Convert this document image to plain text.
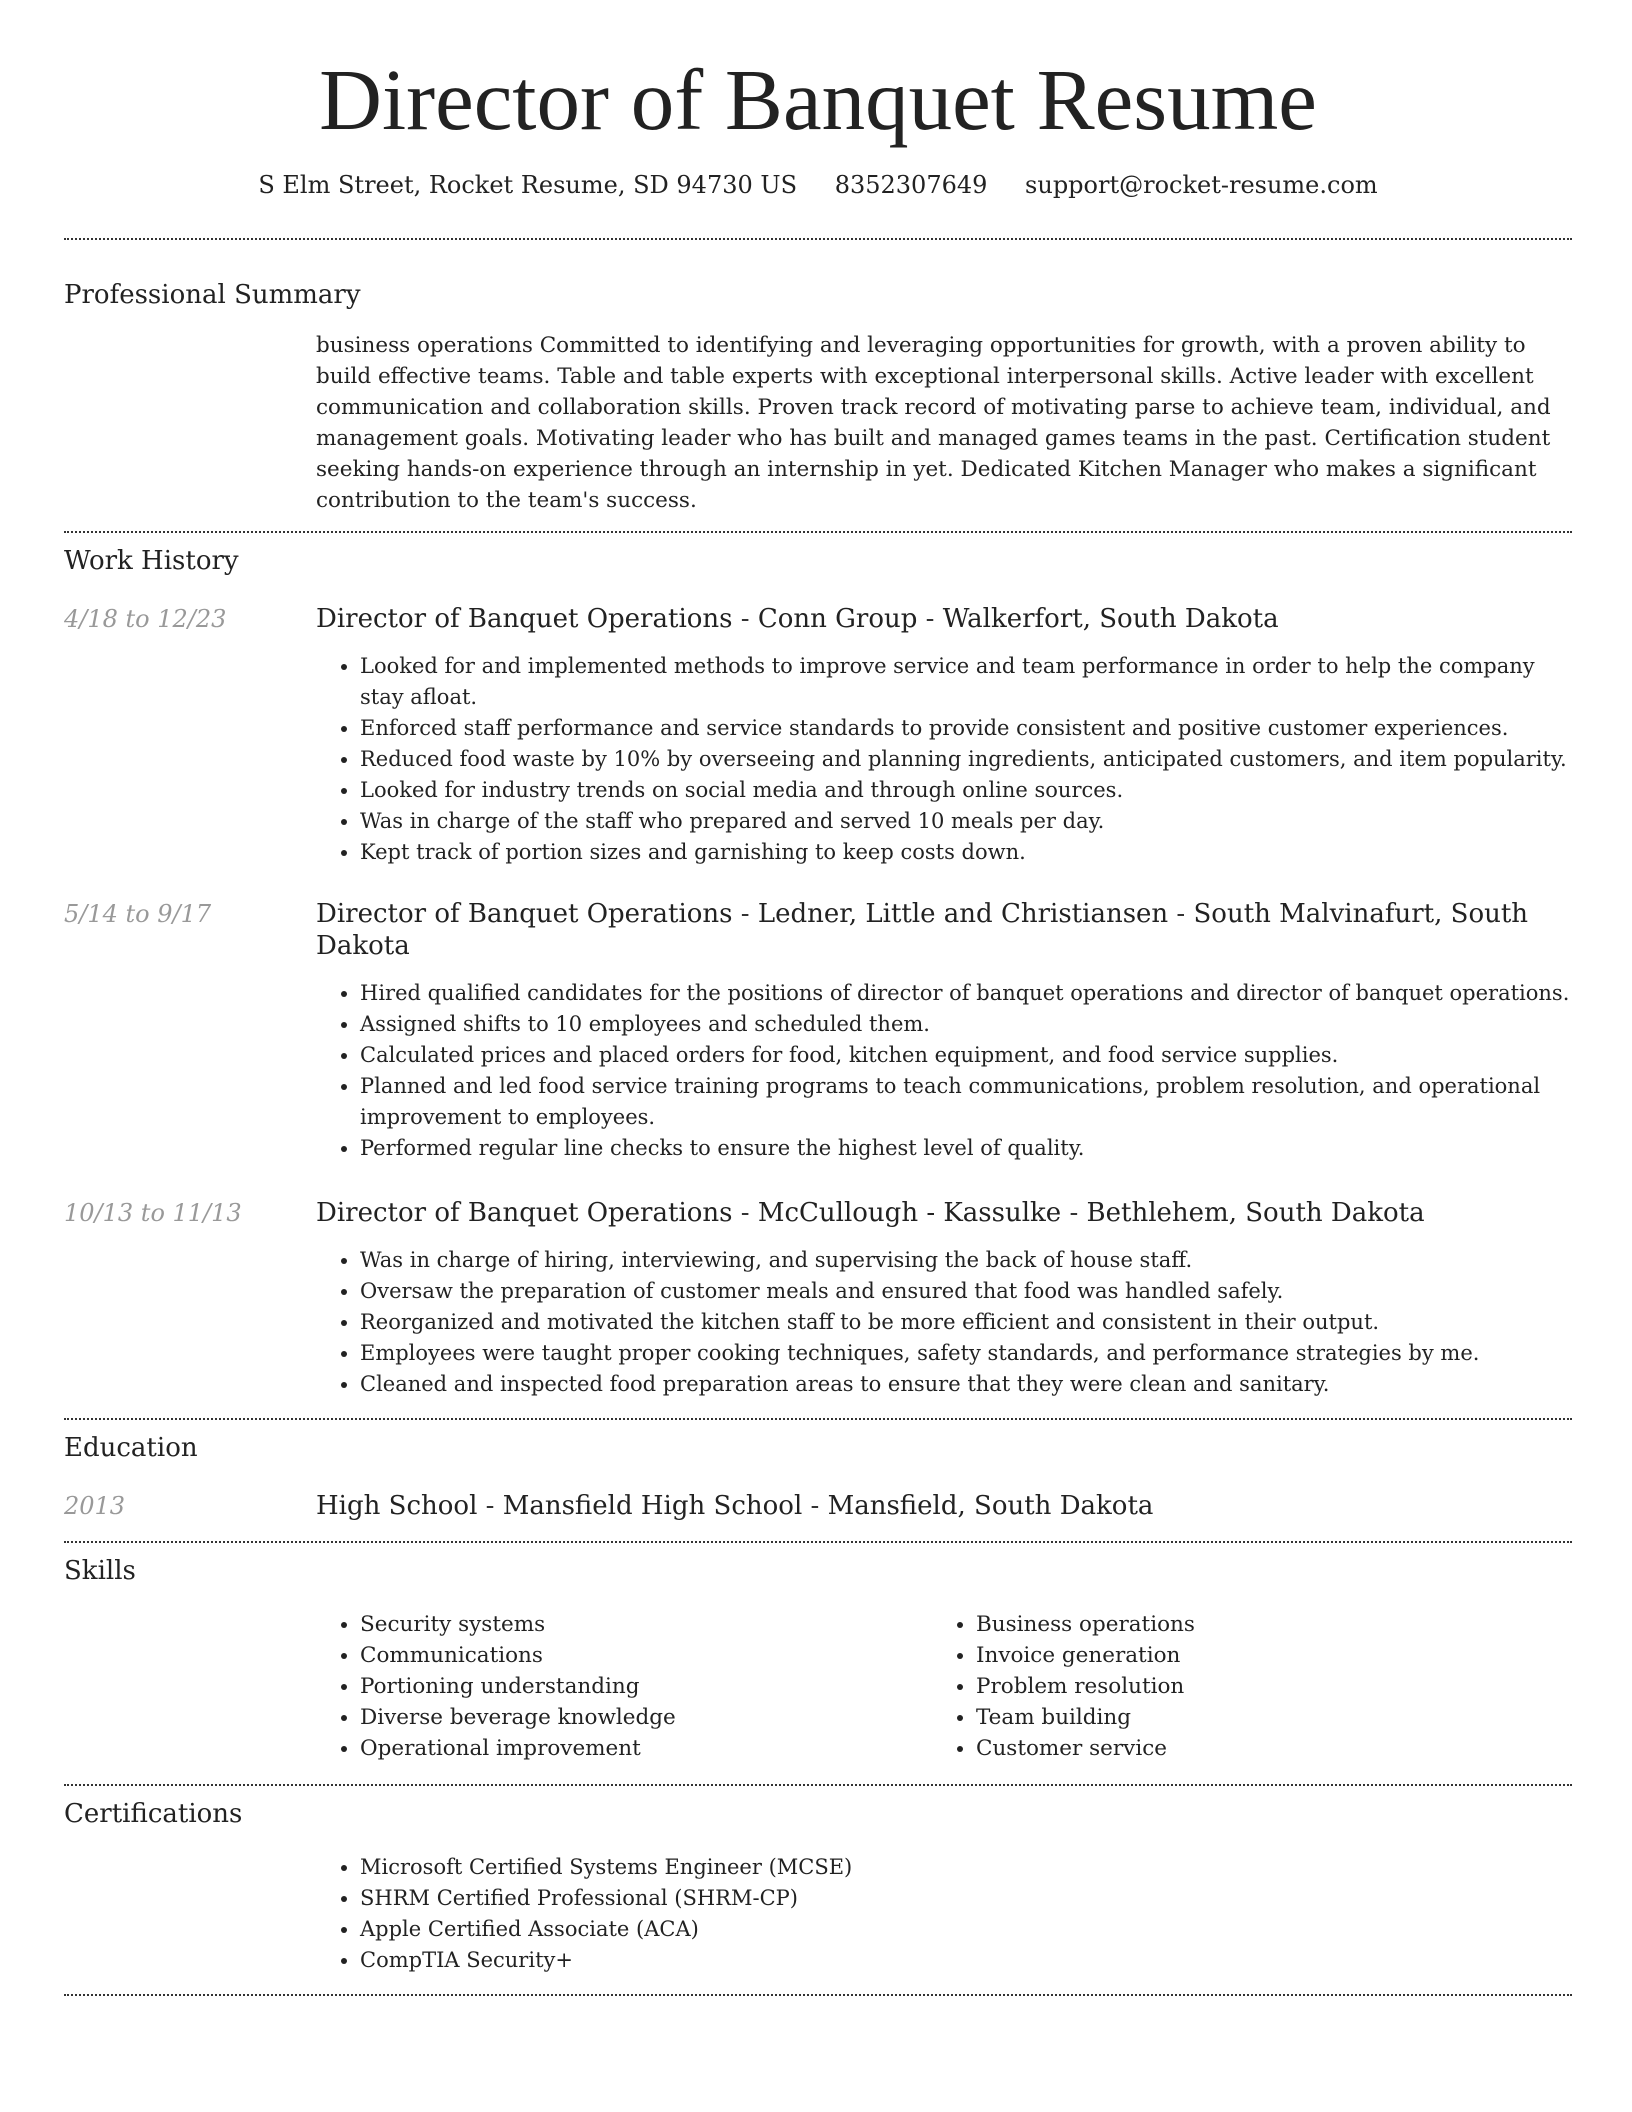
Director of Banquet Resume
S Elm Street, Rocket Resume, SD 94730 US 8352307649 support@rocket-resume.com
Professional Summary

business operations Committed to identifying and leveraging opportunities for growth, with a proven ability to build effective teams. Table and table experts with exceptional interpersonal skills. Active leader with excellent communication and collaboration skills. Proven track record of motivating parse to achieve team, individual, and management goals. Motivating leader who has built and managed games teams in the past. Certification student seeking hands-on experience through an internship in yet. Dedicated Kitchen Manager who makes a significant contribution to the team's success.

Work History
4/18 to 12/23	Director of Banquet Operations - Conn Group - Walkerfort, South Dakota

• Looked for and implemented methods to improve service and team performance in order to help the company stay afloat.
• Enforced staff performance and service standards to provide consistent and positive customer experiences.
• Reduced food waste by 10% by overseeing and planning ingredients, anticipated customers, and item popularity.
• Looked for industry trends on social media and through online sources.
• Was in charge of the staff who prepared and served 10 meals per day.
• Kept track of portion sizes and garnishing to keep costs down.
5/14 to 9/17	Director of Banquet Operations - Ledner, Little and Christiansen - South Malvinafurt, South Dakota

• Hired qualified candidates for the positions of director of banquet operations and director of banquet operations.
• Assigned shifts to 10 employees and scheduled them.
• Calculated prices and placed orders for food, kitchen equipment, and food service supplies.
• Planned and led food service training programs to teach communications, problem resolution, and operational improvement to employees.
• Performed regular line checks to ensure the highest level of quality.
10/13 to 11/13	Director of Banquet Operations - McCullough - Kassulke - Bethlehem, South Dakota

• Was in charge of hiring, interviewing, and supervising the back of house staff.
• Oversaw the preparation of customer meals and ensured that food was handled safely.
• Reorganized and motivated the kitchen staff to be more efficient and consistent in their output.
• Employees were taught proper cooking techniques, safety standards, and performance strategies by me.
• Cleaned and inspected food preparation areas to ensure that they were clean and sanitary.
Education
2013	High School - Mansfield High School - Mansfield, South Dakota

Skills
• Security systems
• Communications
• Portioning understanding
• Diverse beverage knowledge
• Operational improvement
• Business operations
• Invoice generation
• Problem resolution
• Team building
• Customer service
Certifications
• Microsoft Certified Systems Engineer (MCSE)
• SHRM Certified Professional (SHRM-CP)
• Apple Certified Associate (ACA)
• CompTIA Security+
